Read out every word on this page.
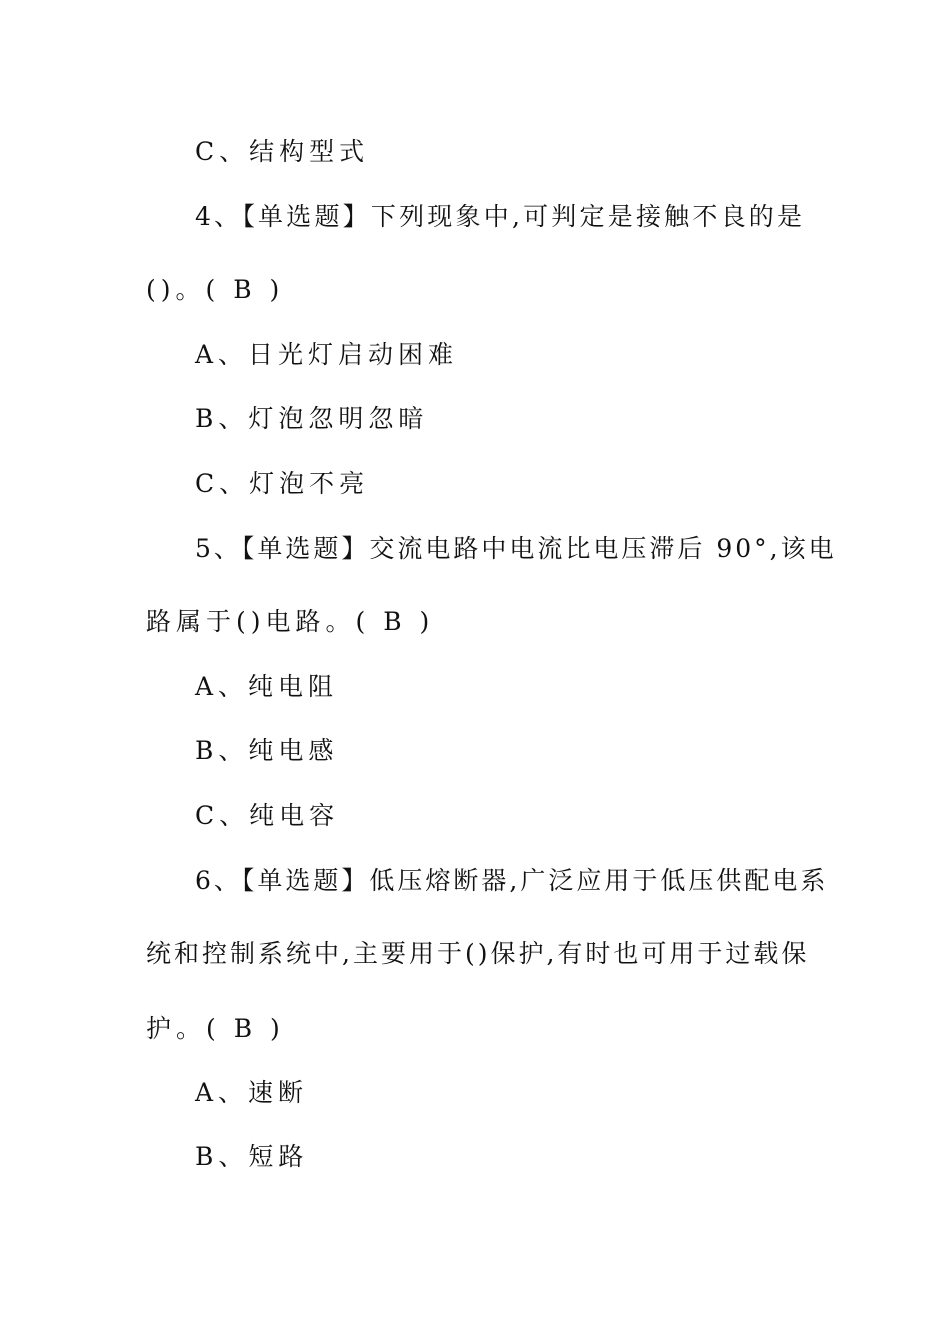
C、结构型式
4、【单选题】下列现象中,可判定是接触不良的是
()。( B )
A、日光灯启动困难
B、灯泡忽明忽暗
C、灯泡不亮
5、【单选题】交流电路中电流比电压滞后 90°,该电
路属于()电路。( B )
A、纯电阻
B、纯电感
C、纯电容
6、【单选题】低压熔断器,广泛应用于低压供配电系
统和控制系统中,主要用于()保护,有时也可用于过载保
护。( B )
A、速断
B、短路
